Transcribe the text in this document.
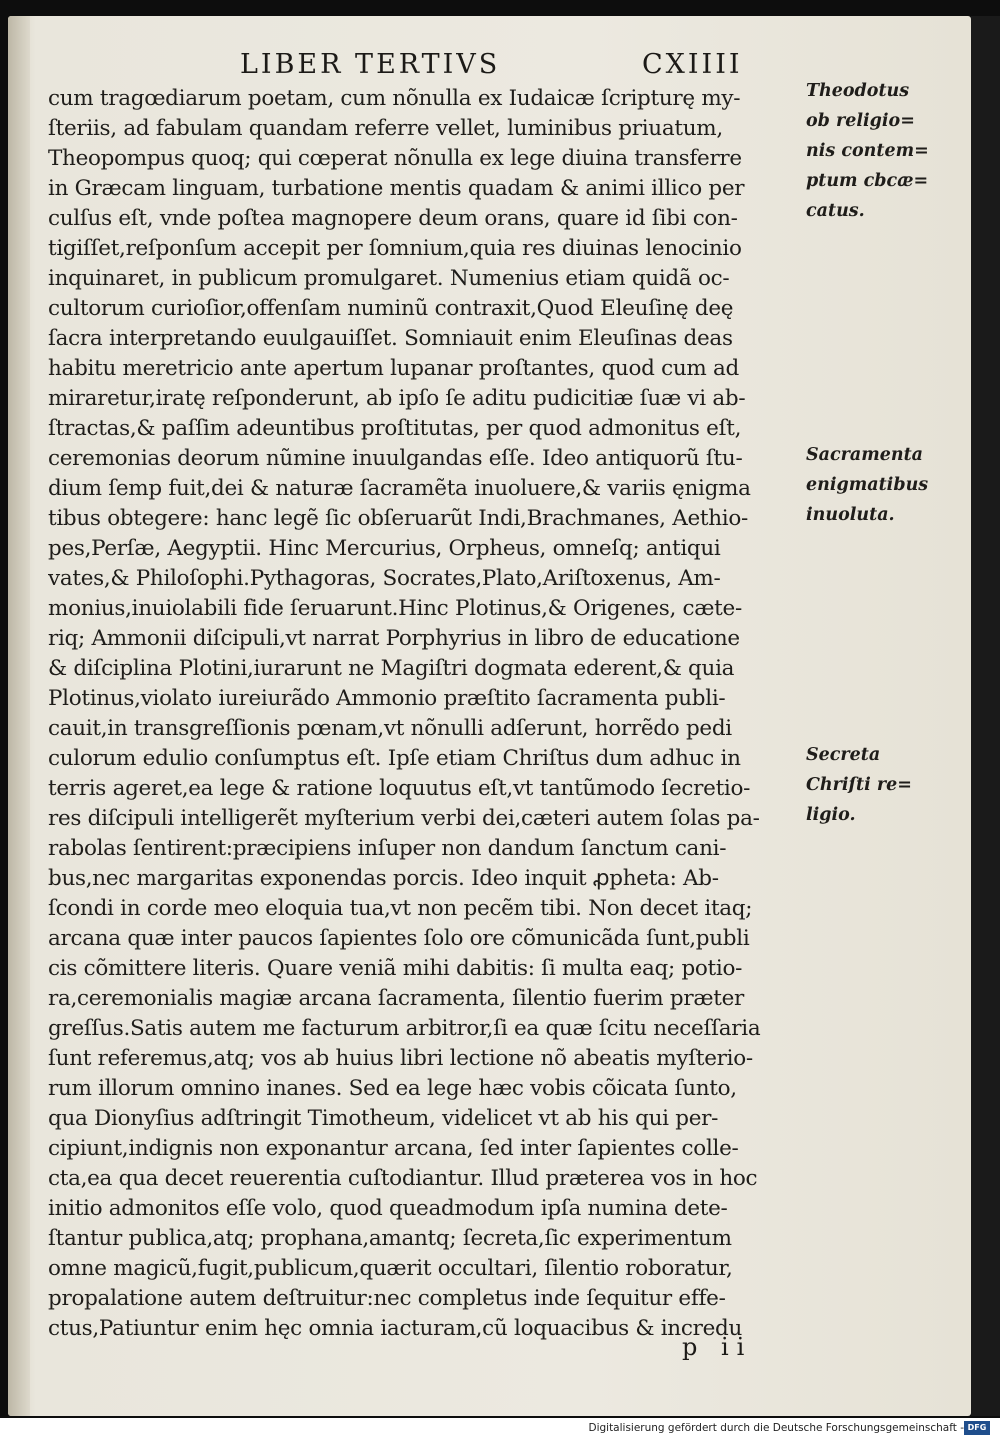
LIBER TERTIVS	CXIIII
cum tragœdiarum poetam, cum nõnulla ex Iudaicæ ſcripturę my-
ſteriis, ad fabulam quandam referre vellet, luminibus priuatum,
Theopompus quoq; qui cœperat nõnulla ex lege diuina transferre
in Græcam linguam, turbatione mentis quadam & animi illico per
culſus eſt, vnde poſtea magnopere deum orans, quare id ſibi con-
tigiſſet,reſponſum accepit per ſomnium,quia res diuinas lenocinio
inquinaret, in publicum promulgaret. Numenius etiam quidã oc-
cultorum curioſior,offenſam numinũ contraxit,Quod Eleuſinę deę
ſacra interpretando euulgauiſſet. Somniauit enim Eleuſinas deas
habitu meretricio ante apertum lupanar proſtantes, quod cum ad
miraretur,iratę reſponderunt, ab ipſo ſe aditu pudicitiæ ſuæ vi ab-
ſtractas,& paſſim adeuntibus proſtitutas, per quod admonitus eſt,
ceremonias deorum nũmine inuulgandas eſſe. Ideo antiquorũ ſtu-
dium ſemp fuit,dei & naturæ ſacramẽta inuoluere,& variis ęnigma
tibus obtegere: hanc legẽ ſic obſeruarũt Indi,Brachmanes, Aethio-
pes,Perſæ, Aegyptii. Hinc Mercurius, Orpheus, omneſq; antiqui
vates,& Philoſophi.Pythagoras, Socrates,Plato,Ariſtoxenus, Am-
monius,inuiolabili fide ſeruarunt.Hinc Plotinus,& Origenes, cæte-
riq; Ammonii diſcipuli,vt narrat Porphyrius in libro de educatione
& diſciplina Plotini,iurarunt ne Magiſtri dogmata ederent,& quia
Plotinus,violato iureiurãdo Ammonio præſtito ſacramenta publi-
cauit,in transgreſſionis pœnam,vt nõnulli adſerunt, horrẽdo pedi
culorum edulio conſumptus eſt. Ipſe etiam Chriſtus dum adhuc in
terris ageret,ea lege & ratione loquutus eſt,vt tantũmodo ſecretio-
res diſcipuli intelligerẽt myſterium verbi dei,cæteri autem ſolas pa-
rabolas ſentirent:præcipiens inſuper non dandum ſanctum cani-
bus,nec margaritas exponendas porcis. Ideo inquit ꝓpheta: Ab-
ſcondi in corde meo eloquia tua,vt non pecẽm tibi. Non decet itaq;
arcana quæ inter paucos ſapientes ſolo ore cõmunicãda ſunt,publi
cis cõmittere literis. Quare veniã mihi dabitis: ſi multa eaq; potio-
ra,ceremonialis magiæ arcana ſacramenta, ſilentio fuerim præter
greſſus.Satis autem me facturum arbitror,ſi ea quæ ſcitu neceſſaria
ſunt referemus,atq; vos ab huius libri lectione nõ abeatis myſterio-
rum illorum omnino inanes. Sed ea lege hæc vobis cõicata ſunto,
qua Dionyſius adſtringit Timotheum, videlicet vt ab his qui per-
cipiunt,indignis non exponantur arcana, ſed inter ſapientes colle-
cta,ea qua decet reuerentia cuſtodiantur. Illud præterea vos in hoc
initio admonitos eſſe volo, quod queadmodum ipſa numina dete-
ſtantur publica,atq; prophana,amantq; ſecreta,ſic experimentum
omne magicũ,fugit,publicum,quærit occultari, ſilentio roboratur,
propalatione autem deſtruitur:nec completus inde ſequitur effe-
ctus,Patiuntur enim hęc omnia iacturam,cũ loquacibus & incredu
Theodotus
ob religio=
nis contem=
ptum cbcæ=
catus.
Sacramenta
enigmatibus
inuoluta.
Secreta
Chriſti re=
ligio.
p ii
Digitalisierung gefördert durch die Deutsche Forschungsgemeinschaft - DFG
